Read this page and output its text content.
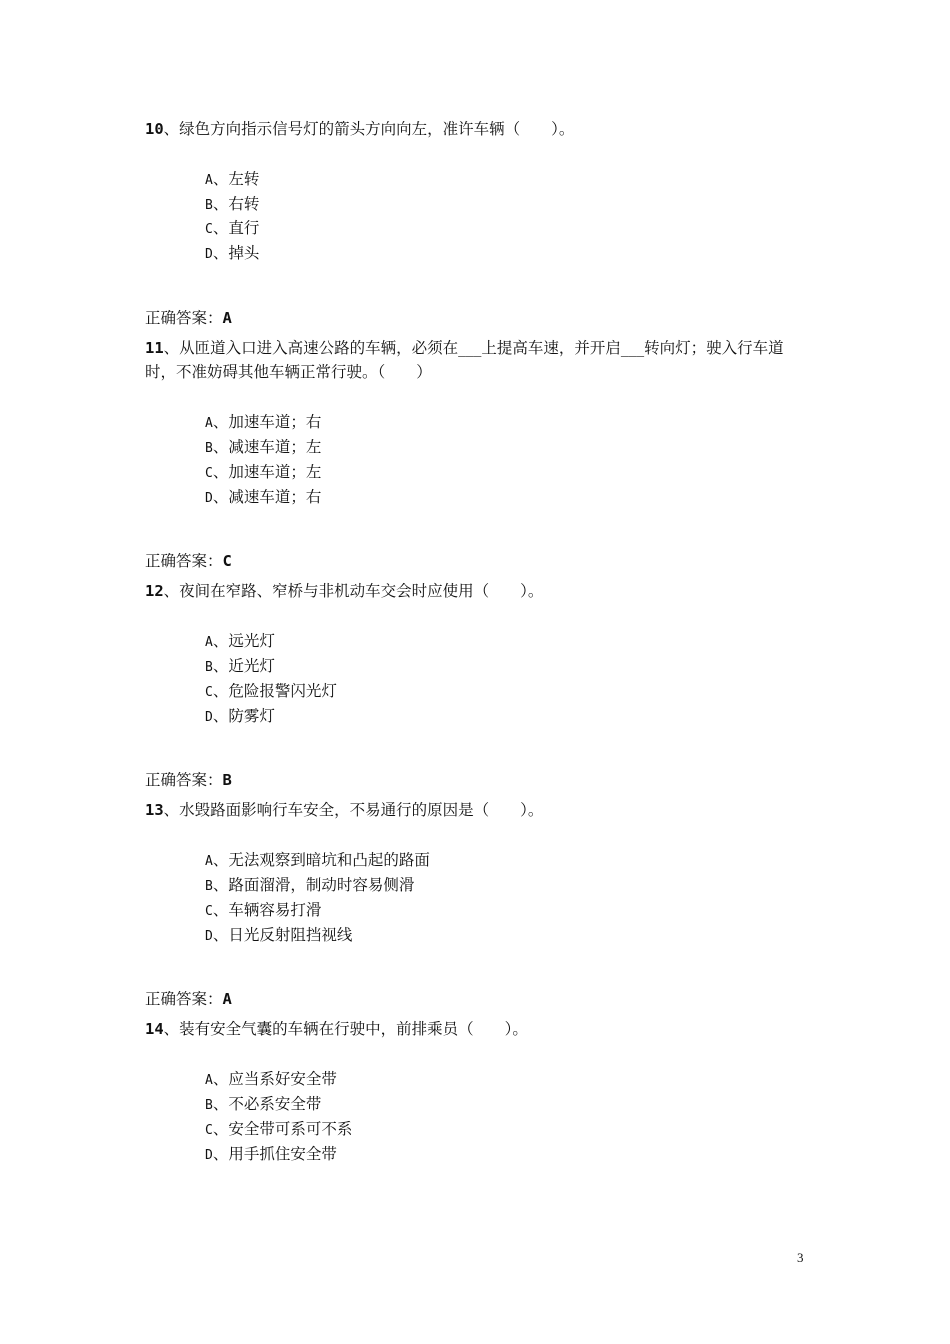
10、绿色方向指示信号灯的箭头方向向左，准许车辆（　　）。
A、左转
B、右转
C、直行
D、掉头
正确答案：A
11、从匝道入口进入高速公路的车辆，必须在___上提高车速，并开启___转向灯；驶入行车道时，不准妨碍其他车辆正常行驶。（　　）
A、加速车道；右
B、减速车道；左
C、加速车道；左
D、减速车道；右
正确答案：C
12、夜间在窄路、窄桥与非机动车交会时应使用（　　）。
A、远光灯
B、近光灯
C、危险报警闪光灯
D、防雾灯
正确答案：B
13、水毁路面影响行车安全，不易通行的原因是（　　）。
A、无法观察到暗坑和凸起的路面
B、路面溜滑，制动时容易侧滑
C、车辆容易打滑
D、日光反射阻挡视线
正确答案：A
14、装有安全气囊的车辆在行驶中，前排乘员（　　）。
A、应当系好安全带
B、不必系安全带
C、安全带可系可不系
D、用手抓住安全带
3
